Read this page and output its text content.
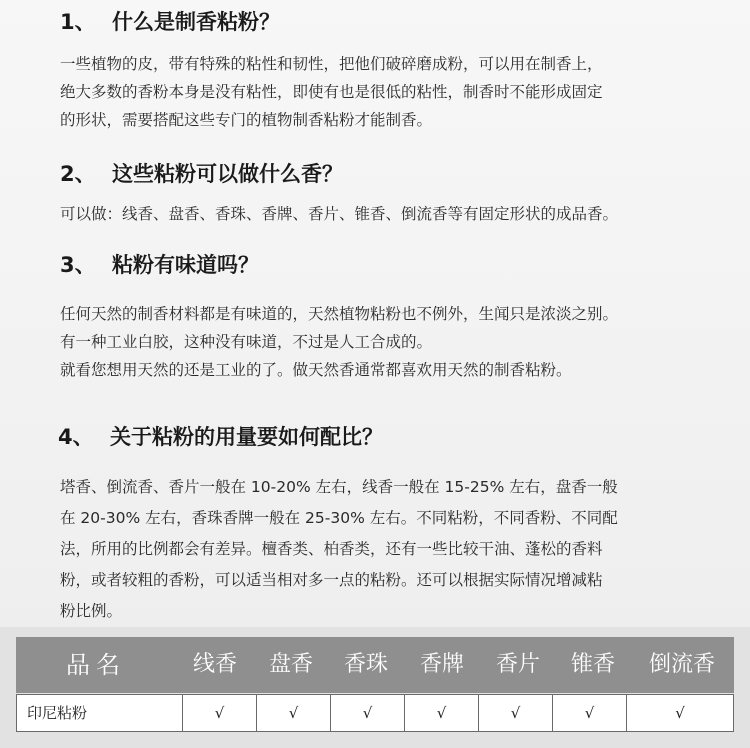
1、 什么是制香粘粉？
一些植物的皮，带有特殊的粘性和韧性，把他们破碎磨成粉，可以用在制香上，
绝大多数的香粉本身是没有粘性，即使有也是很低的粘性，制香时不能形成固定
的形状，需要搭配这些专门的植物制香粘粉才能制香。
2、 这些粘粉可以做什么香？
可以做：线香、盘香、香珠、香牌、香片、锥香、倒流香等有固定形状的成品香。
3、 粘粉有味道吗？
任何天然的制香材料都是有味道的，天然植物粘粉也不例外，生闻只是浓淡之别。
有一种工业白胶，这种没有味道，不过是人工合成的。
就看您想用天然的还是工业的了。做天然香通常都喜欢用天然的制香粘粉。
4、 关于粘粉的用量要如何配比？
塔香、倒流香、香片一般在 10-20% 左右，线香一般在 15-25% 左右，盘香一般
在 20-30% 左右，香珠香牌一般在 25-30% 左右。不同粘粉，不同香粉、不同配
法，所用的比例都会有差异。檀香类、柏香类，还有一些比较干油、蓬松的香料
粉，或者较粗的香粉，可以适当相对多一点的粘粉。还可以根据实际情况增减粘
粉比例。
品名	线香	盘香	香珠	香牌	香片	锥香	倒流香
印尼粘粉	√	√	√	√	√	√	√
